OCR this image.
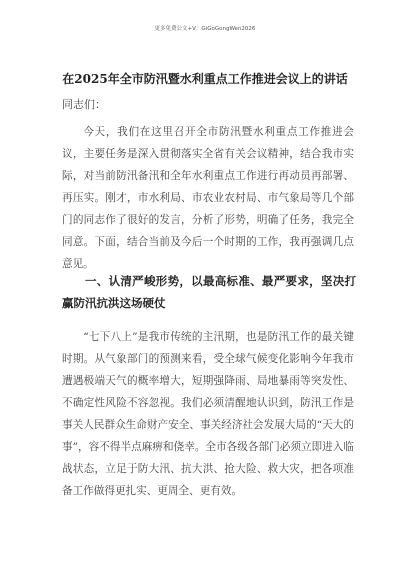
更多免费公文+V：GiGoGongWen2026
在2025年全市防汛暨水利重点工作推进会议上的讲话
同志们：
今天，我们在这里召开全市防汛暨水利重点工作推进会议，主要任务是深入贯彻落实全省有关会议精神，结合我市实际，对当前防汛备汛和全年水利重点工作进行再动员再部署、再压实。刚才，市水利局、市农业农村局、市气象局等几个部门的同志作了很好的发言，分析了形势，明确了任务，我完全同意。下面，结合当前及今后一个时期的工作，我再强调几点意见。
一、认清严峻形势，以最高标准、最严要求，坚决打赢防汛抗洪这场硬仗
“七下八上”是我市传统的主汛期，也是防汛工作的最关键时期。从气象部门的预测来看，受全球气候变化影响今年我市遭遇极端天气的概率增大，短期强降雨、局地暴雨等突发性、不确定性风险不容忽视。我们必须清醒地认识到，防汛工作是事关人民群众生命财产安全、事关经济社会发展大局的“天大的事”，容不得半点麻痹和侥幸。全市各级各部门必须立即进入临战状态，立足于防大汛、抗大洪、抢大险、救大灾，把各项准备工作做得更扎实、更周全、更有效。
